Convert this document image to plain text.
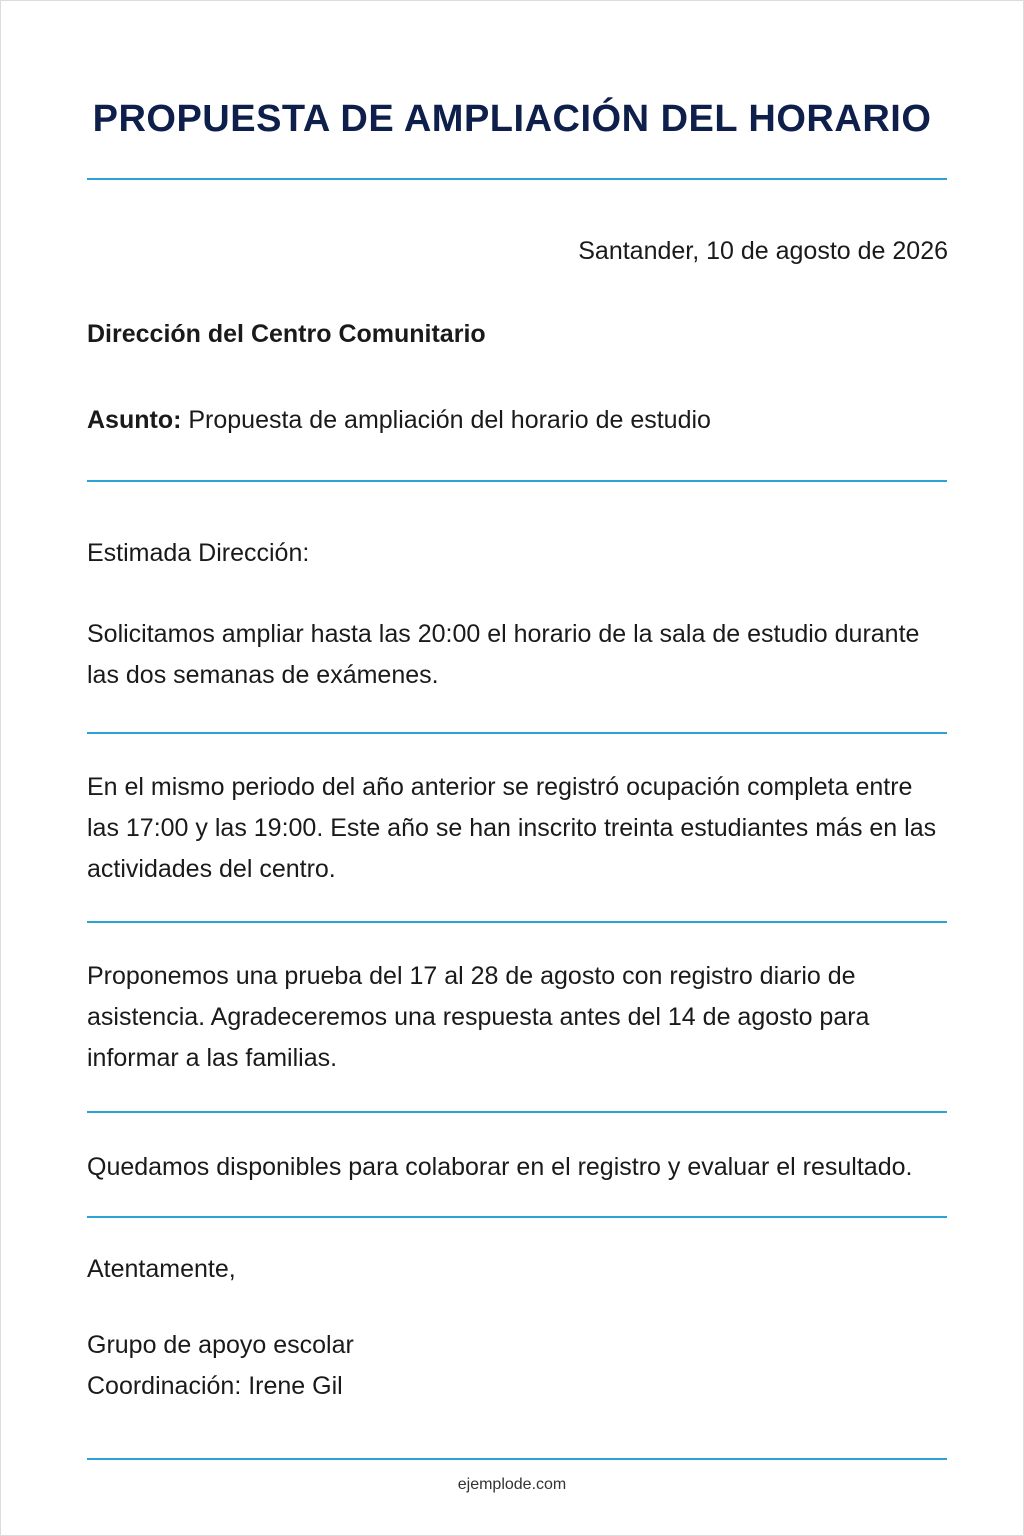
PROPUESTA DE AMPLIACIÓN DEL HORARIO
Santander, 10 de agosto de 2026

Dirección del Centro Comunitario

Asunto: Propuesta de ampliación del horario de estudio

Estimada Dirección:

Solicitamos ampliar hasta las 20:00 el horario de la sala de estudio durante las dos semanas de exámenes.

En el mismo periodo del año anterior se registró ocupación completa entre las 17:00 y las 19:00. Este año se han inscrito treinta estudiantes más en las actividades del centro.

Proponemos una prueba del 17 al 28 de agosto con registro diario de asistencia. Agradeceremos una respuesta antes del 14 de agosto para informar a las familias.

Quedamos disponibles para colaborar en el registro y evaluar el resultado.

Atentamente,

Grupo de apoyo escolar

Coordinación: Irene Gil

ejemplode.com
